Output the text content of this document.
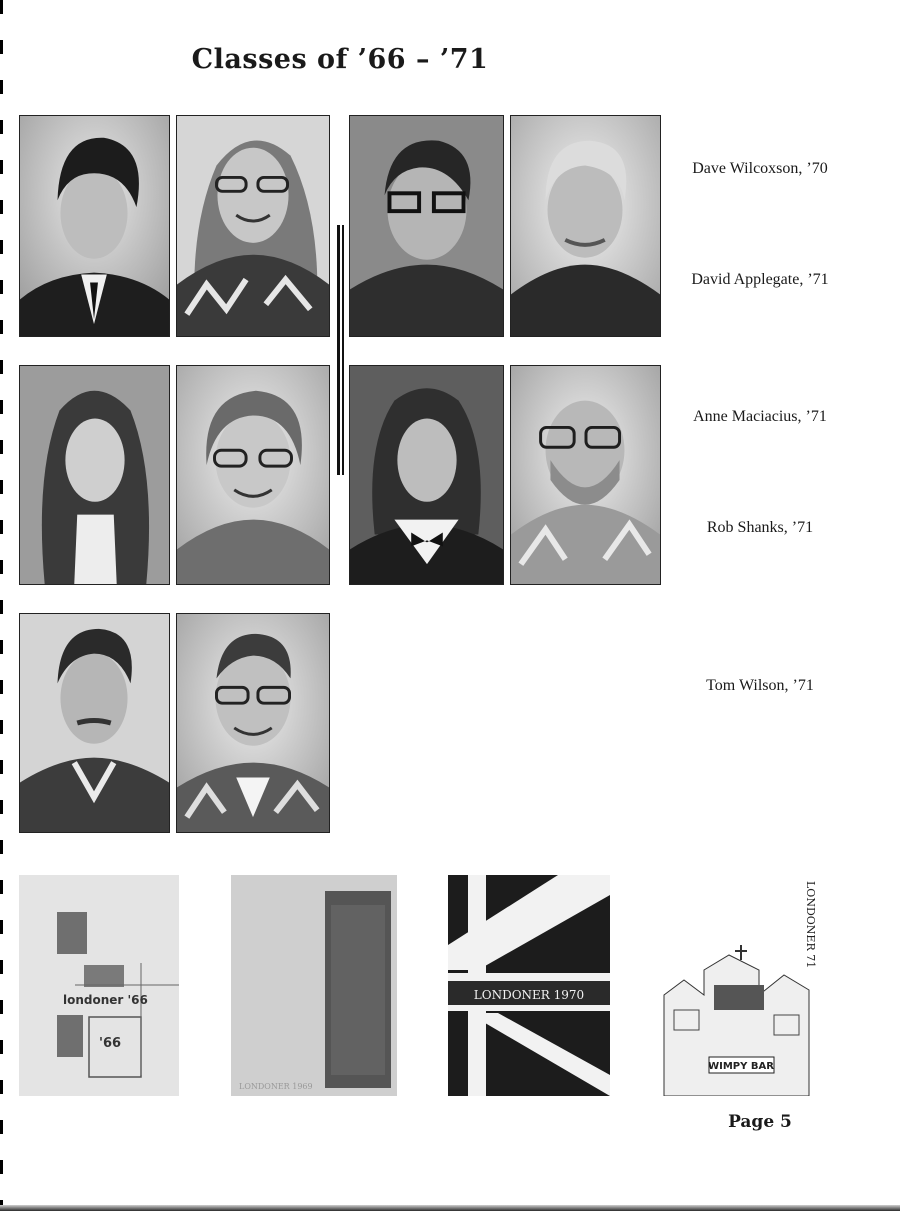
Classes of ’66 – ’71
Dave Wilcoxson, ’70
David Applegate, ’71
Anne Maciacius, ’71
Rob Shanks, ’71
Tom Wilson, ’71
londoner '66
'66
LONDONER 1969
LONDONER 1970
LONDONER 71
WIMPY BAR
Page 5
